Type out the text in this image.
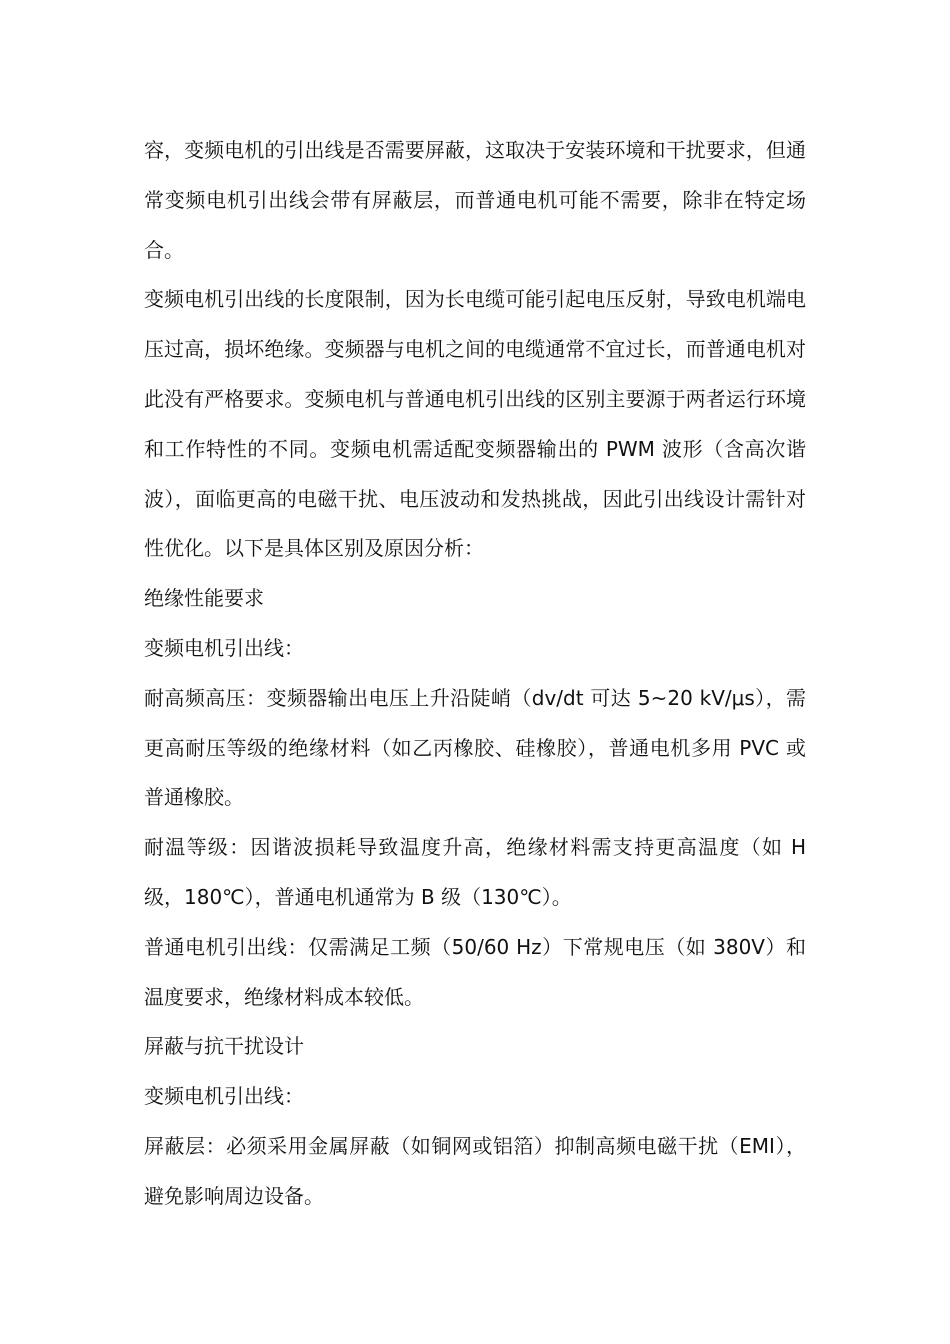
容，变频电机的引出线是否需要屏蔽，这取决于安装环境和干扰要求，但通常变频电机引出线会带有屏蔽层，而普通电机可能不需要，除非在特定场合。

变频电机引出线的长度限制，因为长电缆可能引起电压反射，导致电机端电压过高，损坏绝缘。变频器与电机之间的电缆通常不宜过长，而普通电机对此没有严格要求。变频电机与普通电机引出线的区别主要源于两者运行环境和工作特性的不同。变频电机需适配变频器输出的 PWM 波形（含高次谐波），面临更高的电磁干扰、电压波动和发热挑战，因此引出线设计需针对性优化。以下是具体区别及原因分析：

绝缘性能要求

变频电机引出线：

耐高频高压：变频器输出电压上升沿陡峭（dv/dt 可达 5~20 kV/μs），需更高耐压等级的绝缘材料（如乙丙橡胶、硅橡胶），普通电机多用 PVC 或普通橡胶。

耐温等级：因谐波损耗导致温度升高，绝缘材料需支持更高温度（如 H 级，180℃），普通电机通常为 B 级（130℃）。

普通电机引出线：仅需满足工频（50/60 Hz）下常规电压（如 380V）和温度要求，绝缘材料成本较低。

屏蔽与抗干扰设计

变频电机引出线：

屏蔽层：必须采用金属屏蔽（如铜网或铝箔）抑制高频电磁干扰（EMI），避免影响周边设备。
